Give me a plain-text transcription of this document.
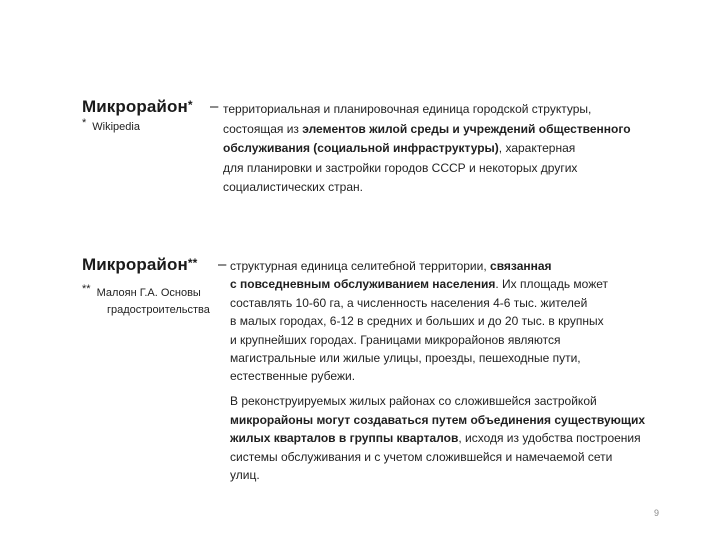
Микрорайон* –
* Wikipedia
территориальная и планировочная единица городской структуры,
состоящая из элементов жилой среды и учреждений общественного
обслуживания (социальной инфраструктуры), характерная
для планировки и застройки городов СССР и некоторых других
социалистических стран.
Микрорайон** –
** Малоян Г.А. Основы
градостроительства
структурная единица селитебной территории, связанная
с повседневным обслуживанием населения. Их площадь может
составлять 10-60 га, а численность населения 4-6 тыс. жителей
в малых городах, 6-12 в средних и больших и до 20 тыс. в крупных
и крупнейших городах. Границами микрорайонов являются
магистральные или жилые улицы, проезды, пешеходные пути,
естественные рубежи.
В реконструируемых жилых районах со сложившейся застройкой
микрорайоны могут создаваться путем объединения существующих
жилых кварталов в группы кварталов, исходя из удобства построения
системы обслуживания и с учетом сложившейся и намечаемой сети
улиц.
9
